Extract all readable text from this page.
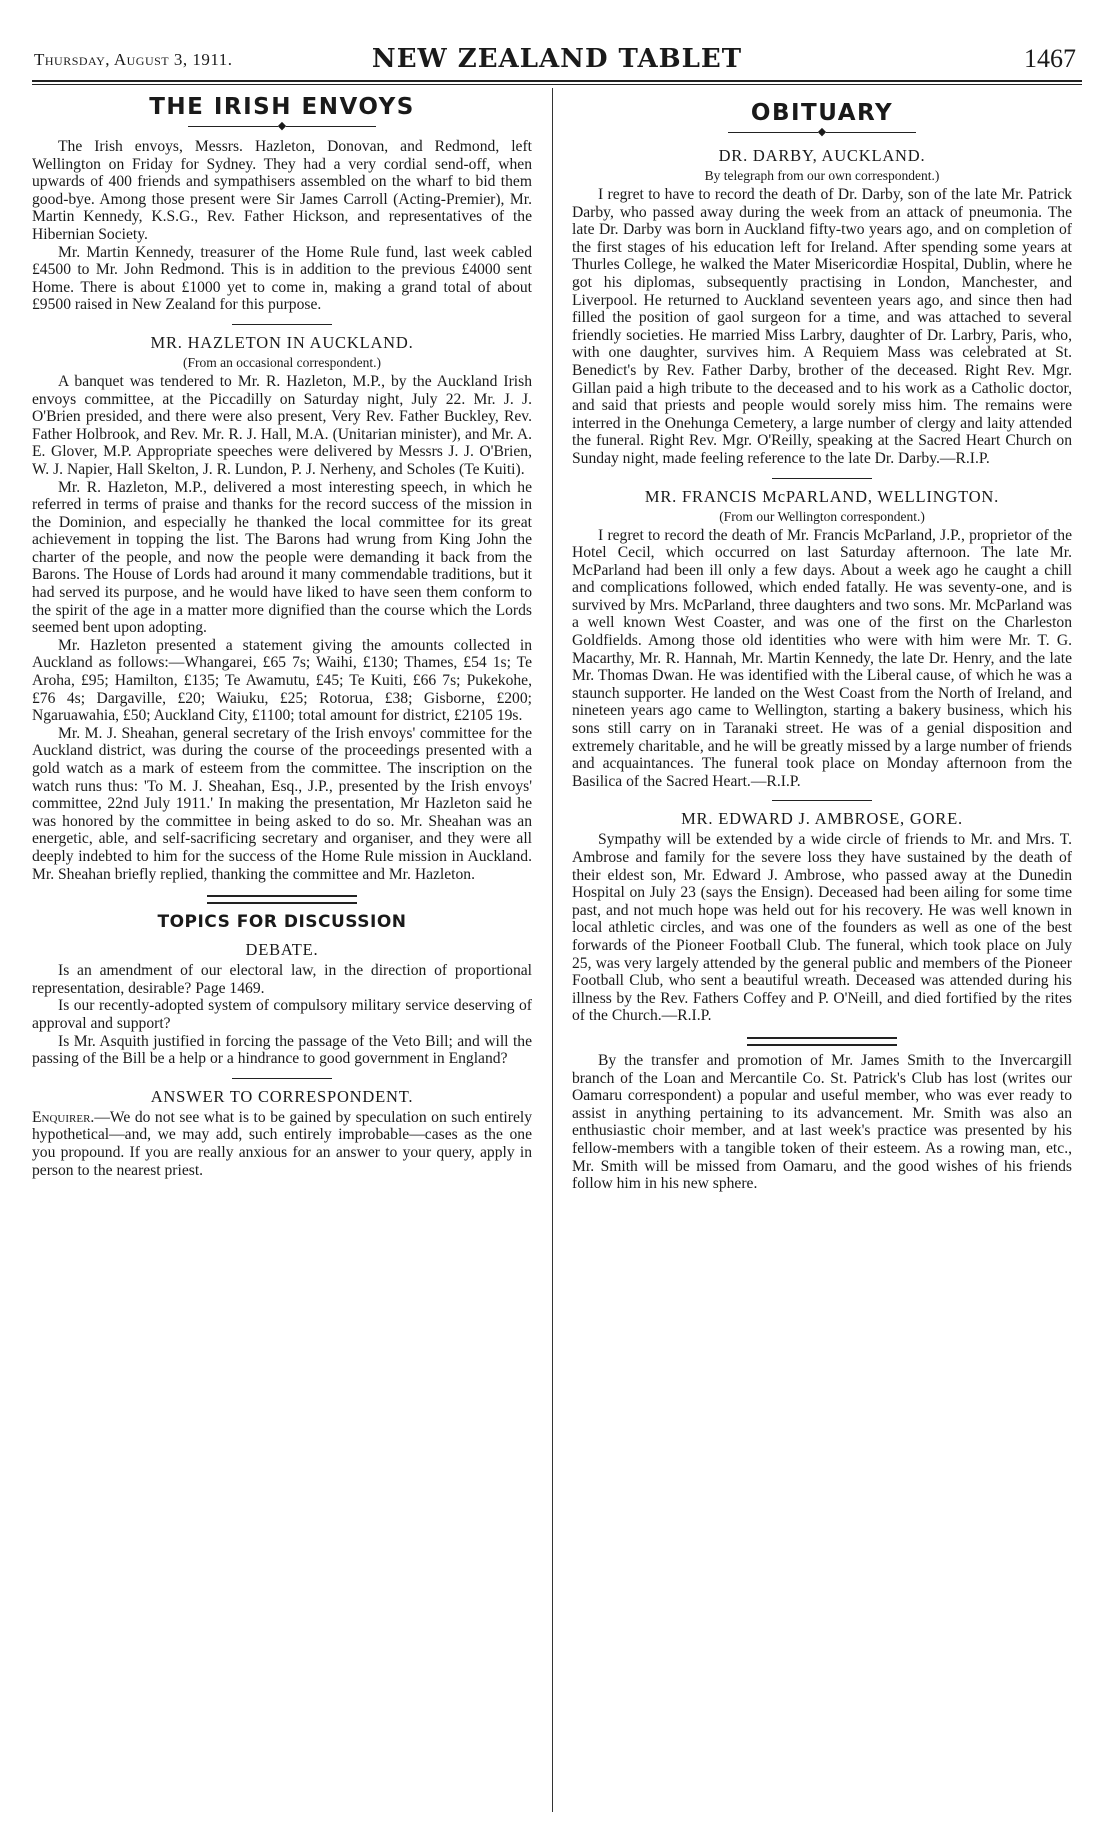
Thursday, August 3, 1911.	NEW ZEALAND TABLET	1467
THE IRISH ENVOYS
◆

The Irish envoys, Messrs. Hazleton, Donovan, and Redmond, left Wellington on Friday for Sydney. They had a very cordial send-off, when upwards of 400 friends and sympathisers assembled on the wharf to bid them good-bye. Among those present were Sir James Carroll (Acting-Premier), Mr. Martin Kennedy, K.S.G., Rev. Father Hickson, and representatives of the Hibernian Society.

Mr. Martin Kennedy, treasurer of the Home Rule fund, last week cabled £4500 to Mr. John Redmond. This is in addition to the previous £4000 sent Home. There is about £1000 yet to come in, making a grand total of about £9500 raised in New Zealand for this purpose.

MR. HAZLETON IN AUCKLAND.
(From an occasional correspondent.)

A banquet was tendered to Mr. R. Hazleton, M.P., by the Auckland Irish envoys committee, at the Piccadilly on Saturday night, July 22. Mr. J. J. O'Brien presided, and there were also present, Very Rev. Father Buckley, Rev. Father Holbrook, and Rev. Mr. R. J. Hall, M.A. (Unitarian minister), and Mr. A. E. Glover, M.P. Appropriate speeches were delivered by Messrs J. J. O'Brien, W. J. Napier, Hall Skelton, J. R. Lundon, P. J. Nerheny, and Scholes (Te Kuiti).

Mr. R. Hazleton, M.P., delivered a most interesting speech, in which he referred in terms of praise and thanks for the record success of the mission in the Dominion, and especially he thanked the local committee for its great achievement in topping the list. The Barons had wrung from King John the charter of the people, and now the people were demanding it back from the Barons. The House of Lords had around it many commendable traditions, but it had served its purpose, and he would have liked to have seen them conform to the spirit of the age in a matter more dignified than the course which the Lords seemed bent upon adopting.

Mr. Hazleton presented a statement giving the amounts collected in Auckland as follows:—Whangarei, £65 7s; Waihi, £130; Thames, £54 1s; Te Aroha, £95; Hamilton, £135; Te Awamutu, £45; Te Kuiti, £66 7s; Pukekohe, £76 4s; Dargaville, £20; Waiuku, £25; Rotorua, £38; Gisborne, £200; Ngaruawahia, £50; Auckland City, £1100; total amount for district, £2105 19s.

Mr. M. J. Sheahan, general secretary of the Irish envoys' committee for the Auckland district, was during the course of the proceedings presented with a gold watch as a mark of esteem from the committee. The inscription on the watch runs thus: 'To M. J. Sheahan, Esq., J.P., presented by the Irish envoys' committee, 22nd July 1911.' In making the presentation, Mr Hazleton said he was honored by the committee in being asked to do so. Mr. Sheahan was an energetic, able, and self-sacrificing secretary and organiser, and they were all deeply indebted to him for the success of the Home Rule mission in Auckland. Mr. Sheahan briefly replied, thanking the committee and Mr. Hazleton.

TOPICS FOR DISCUSSION
DEBATE.

Is an amendment of our electoral law, in the direction of proportional representation, desirable? Page 1469.

Is our recently-adopted system of compulsory military service deserving of approval and support?

Is Mr. Asquith justified in forcing the passage of the Veto Bill; and will the passing of the Bill be a help or a hindrance to good government in England?

ANSWER TO CORRESPONDENT.

Enquirer.—We do not see what is to be gained by speculation on such entirely hypothetical—and, we may add, such entirely improbable—cases as the one you propound. If you are really anxious for an answer to your query, apply in person to the nearest priest.

OBITUARY
◆
DR. DARBY, AUCKLAND.
By telegraph from our own correspondent.)

I regret to have to record the death of Dr. Darby, son of the late Mr. Patrick Darby, who passed away during the week from an attack of pneumonia. The late Dr. Darby was born in Auckland fifty-two years ago, and on completion of the first stages of his education left for Ireland. After spending some years at Thurles College, he walked the Mater Misericordiæ Hospital, Dublin, where he got his diplomas, subsequently practising in London, Manchester, and Liverpool. He returned to Auckland seventeen years ago, and since then had filled the position of gaol surgeon for a time, and was attached to several friendly societies. He married Miss Larbry, daughter of Dr. Larbry, Paris, who, with one daughter, survives him. A Requiem Mass was celebrated at St. Benedict's by Rev. Father Darby, brother of the deceased. Right Rev. Mgr. Gillan paid a high tribute to the deceased and to his work as a Catholic doctor, and said that priests and people would sorely miss him. The remains were interred in the Onehunga Cemetery, a large number of clergy and laity attended the funeral. Right Rev. Mgr. O'Reilly, speaking at the Sacred Heart Church on Sunday night, made feeling reference to the late Dr. Darby.—R.I.P.

MR. FRANCIS McPARLAND, WELLINGTON.
(From our Wellington correspondent.)

I regret to record the death of Mr. Francis McParland, J.P., proprietor of the Hotel Cecil, which occurred on last Saturday afternoon. The late Mr. McParland had been ill only a few days. About a week ago he caught a chill and complications followed, which ended fatally. He was seventy-one, and is survived by Mrs. McParland, three daughters and two sons. Mr. McParland was a well known West Coaster, and was one of the first on the Charleston Goldfields. Among those old identities who were with him were Mr. T. G. Macarthy, Mr. R. Hannah, Mr. Martin Kennedy, the late Dr. Henry, and the late Mr. Thomas Dwan. He was identified with the Liberal cause, of which he was a staunch supporter. He landed on the West Coast from the North of Ireland, and nineteen years ago came to Wellington, starting a bakery business, which his sons still carry on in Taranaki street. He was of a genial disposition and extremely charitable, and he will be greatly missed by a large number of friends and acquaintances. The funeral took place on Monday afternoon from the Basilica of the Sacred Heart.—R.I.P.

MR. EDWARD J. AMBROSE, GORE.

Sympathy will be extended by a wide circle of friends to Mr. and Mrs. T. Ambrose and family for the severe loss they have sustained by the death of their eldest son, Mr. Edward J. Ambrose, who passed away at the Dunedin Hospital on July 23 (says the Ensign). Deceased had been ailing for some time past, and not much hope was held out for his recovery. He was well known in local athletic circles, and was one of the founders as well as one of the best forwards of the Pioneer Football Club. The funeral, which took place on July 25, was very largely attended by the general public and members of the Pioneer Football Club, who sent a beautiful wreath. Deceased was attended during his illness by the Rev. Fathers Coffey and P. O'Neill, and died fortified by the rites of the Church.—R.I.P.

By the transfer and promotion of Mr. James Smith to the Invercargill branch of the Loan and Mercantile Co. St. Patrick's Club has lost (writes our Oamaru correspondent) a popular and useful member, who was ever ready to assist in anything pertaining to its advancement. Mr. Smith was also an enthusiastic choir member, and at last week's practice was presented by his fellow-members with a tangible token of their esteem. As a rowing man, etc., Mr. Smith will be missed from Oamaru, and the good wishes of his friends follow him in his new sphere.
